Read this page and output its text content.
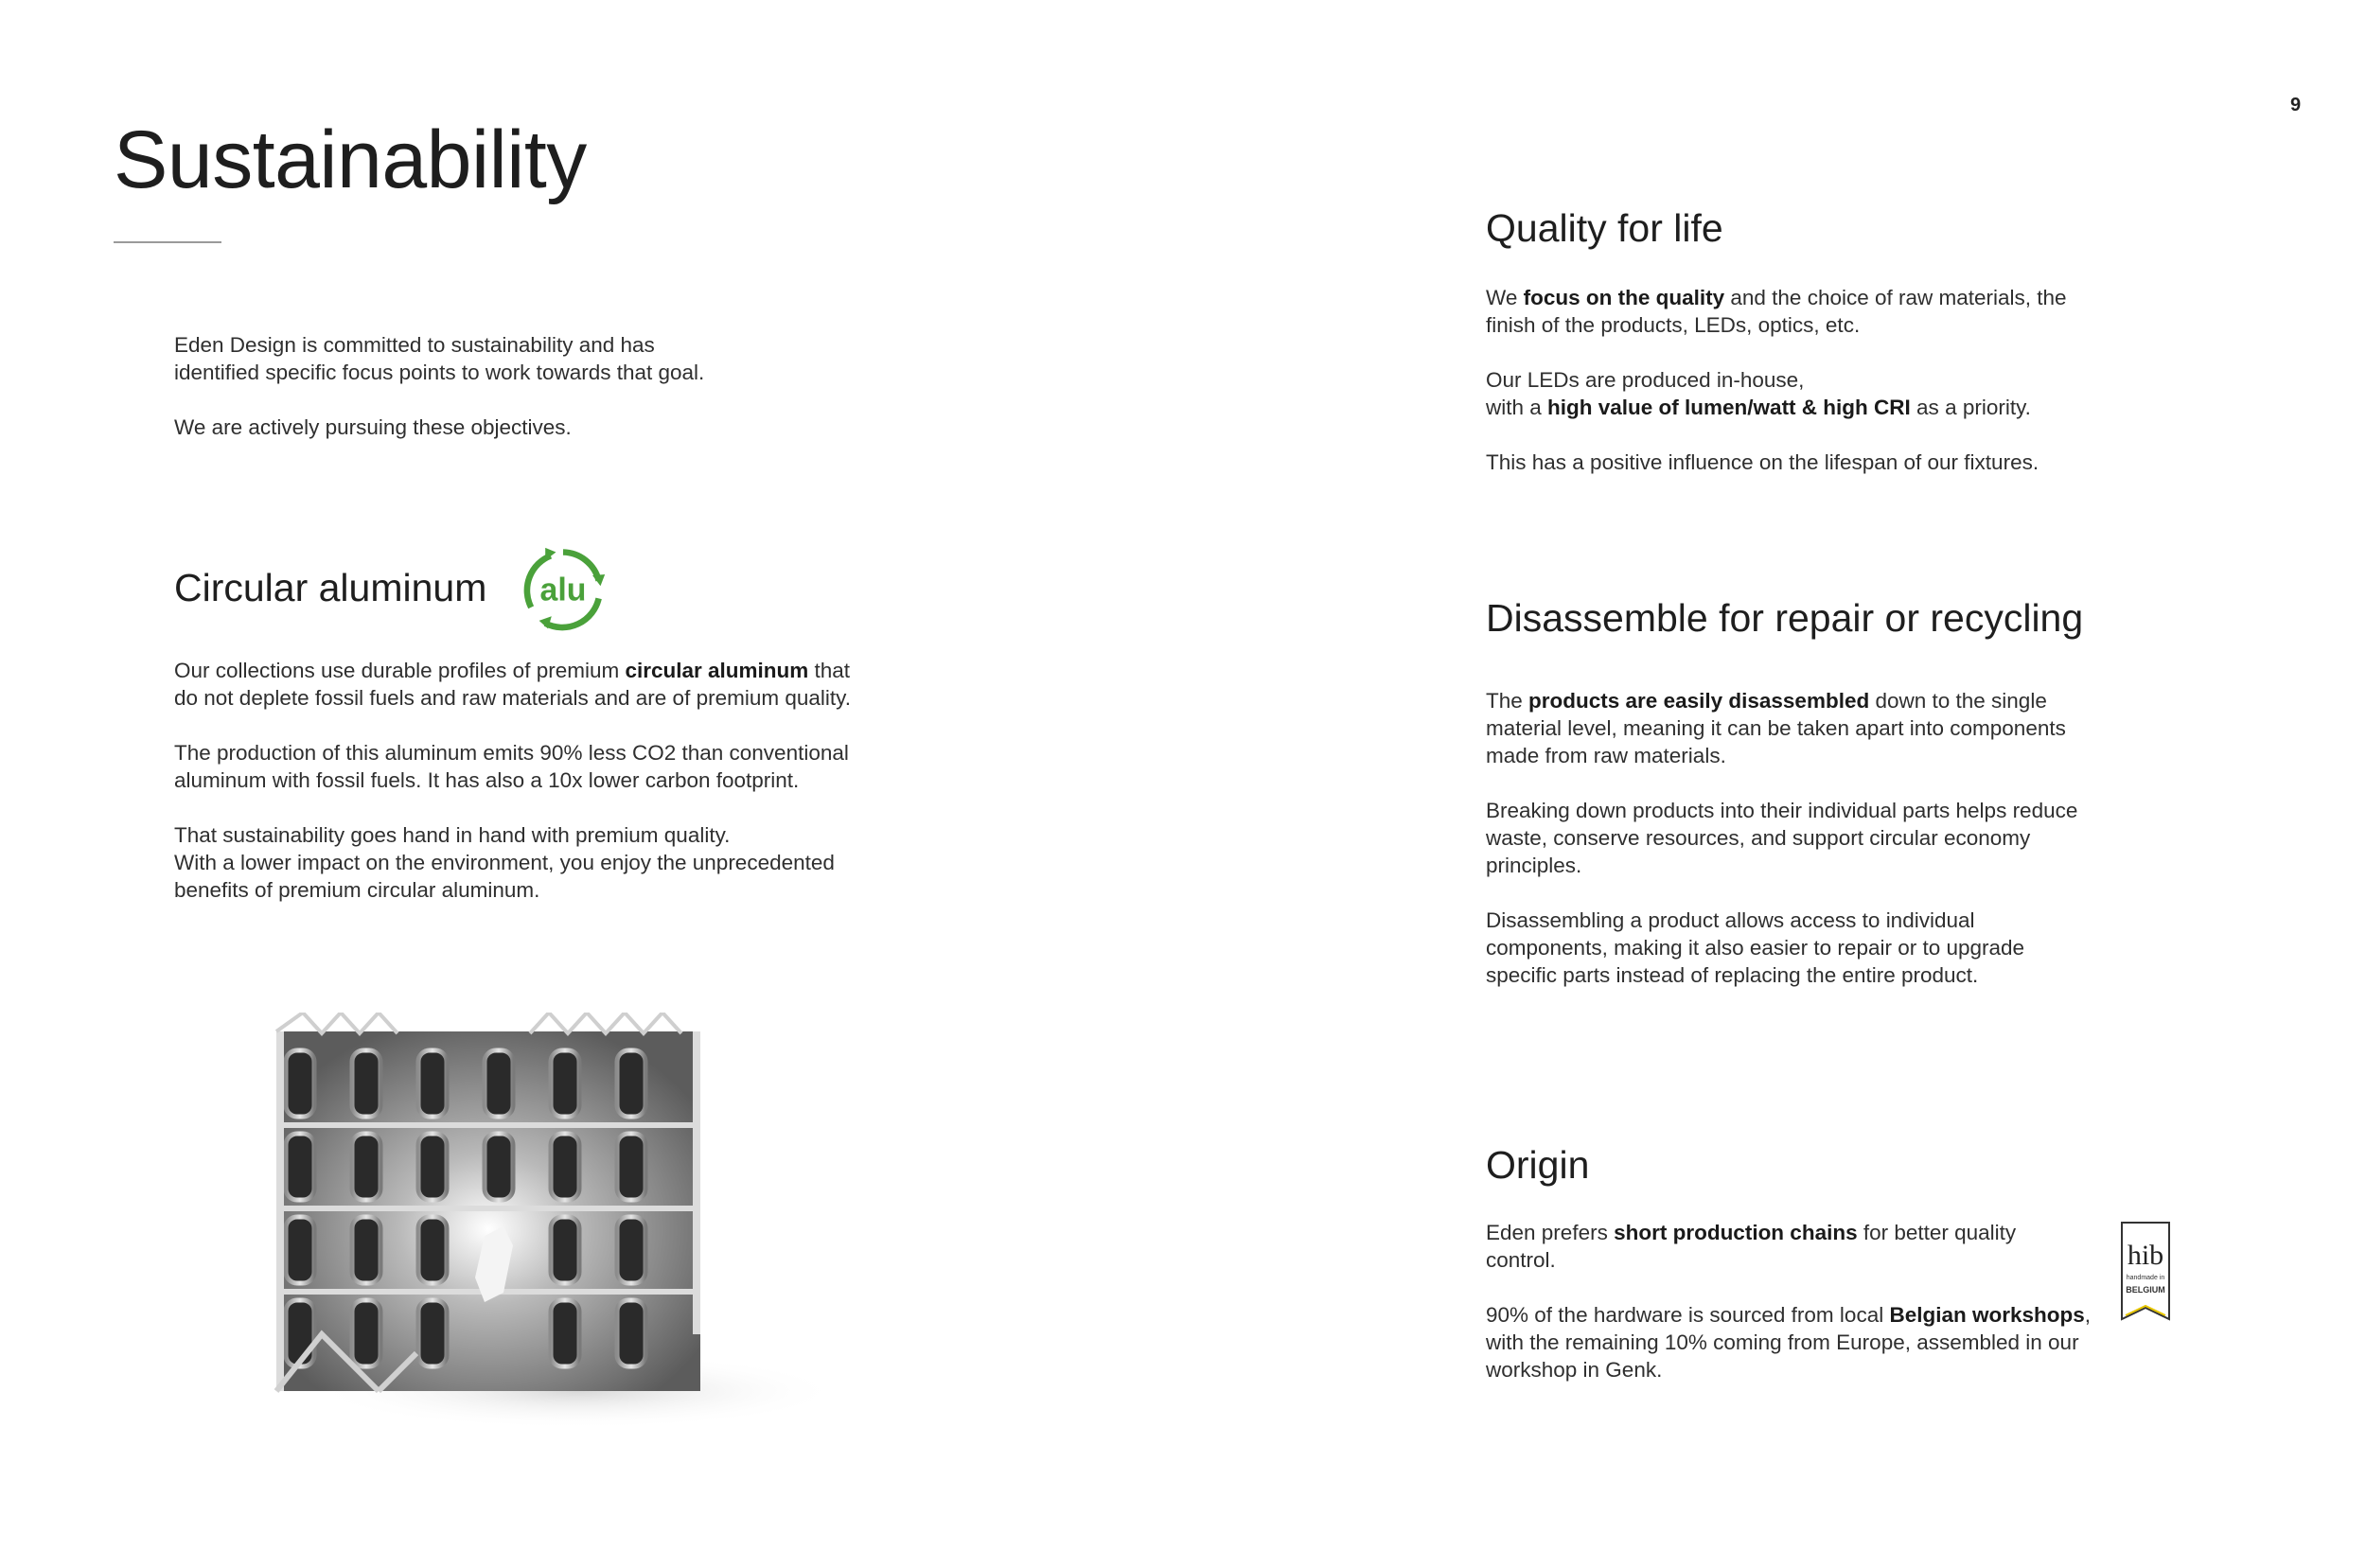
9
Sustainability

Eden Design is committed to sustainability and has identified specific focus points to work towards that goal.

We are actively pursuing these objectives.

Circular aluminum alu

Our collections use durable profiles of premium circular aluminum that do not deplete fossil fuels and raw materials and are of premium quality.

The production of this aluminum emits 90% less CO2 than conventional aluminum with fossil fuels. It has also a 10x lower carbon footprint.

That sustainability goes hand in hand with premium quality.
With a lower impact on the environment, you enjoy the unprecedented benefits of premium circular aluminum.

Quality for life

We focus on the quality and the choice of raw materials, the finish of the products, LEDs, optics, etc.

Our LEDs are produced in-house,
with a high value of lumen/watt & high CRI as a priority.

This has a positive influence on the lifespan of our fixtures.

Disassemble for repair or recycling

The products are easily disassembled down to the single material level, meaning it can be taken apart into components made from raw materials.

Breaking down products into their individual parts helps reduce waste, conserve resources, and support circular economy principles.

Disassembling a product allows access to individual components, making it also easier to repair or to upgrade specific parts instead of replacing the entire product.

Origin

Eden prefers short production chains for better quality control.

90% of the hardware is sourced from local Belgian workshops, with the remaining 10% coming from Europe, assembled in our workshop in Genk.

hib
handmade in
BELGIUM
